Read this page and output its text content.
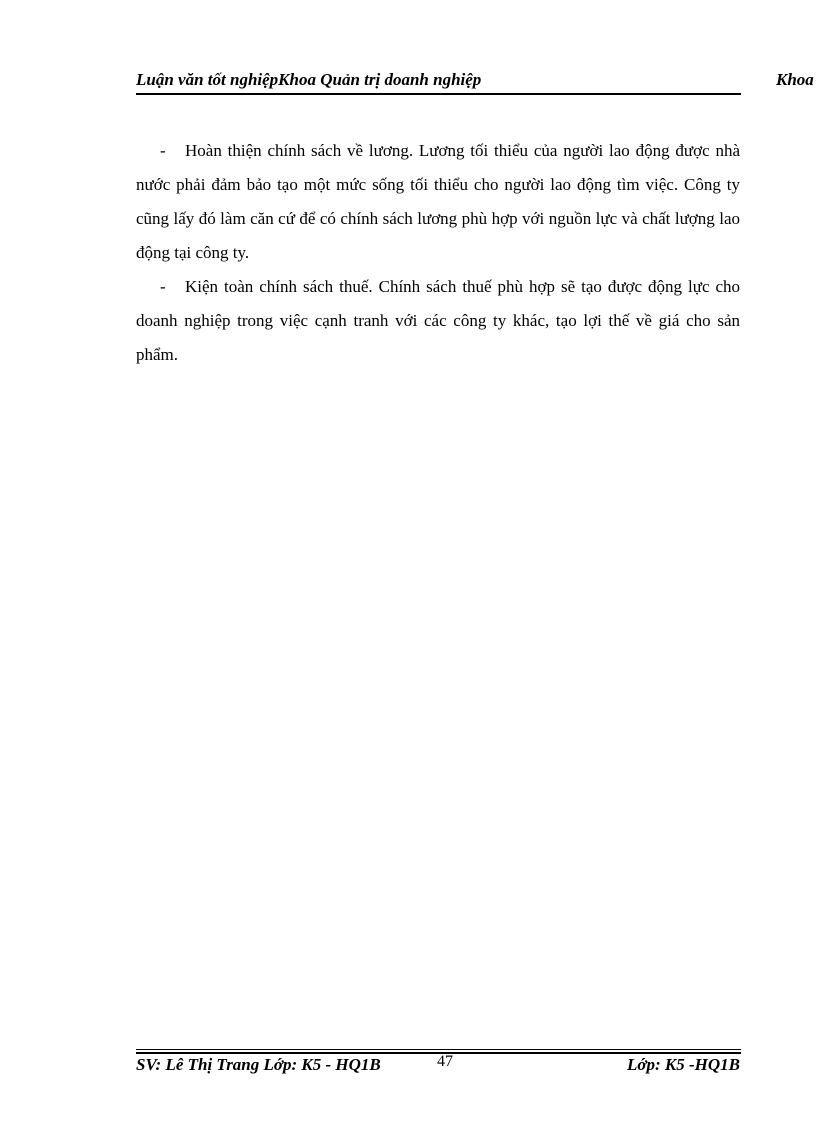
Luận văn tốt nghiệpKhoa Quản trị doanh nghiệp	Khoa

- Hoàn thiện chính sách về lương. Lương tối thiểu của người lao động được nhà nước phải đảm bảo tạo một mức sống tối thiểu cho người lao động tìm việc. Công ty cũng lấy đó làm căn cứ để có chính sách lương phù hợp với nguồn lực và chất lượng lao động tại công ty.

- Kiện toàn chính sách thuế. Chính sách thuế phù hợp sẽ tạo được động lực cho doanh nghiệp trong việc cạnh tranh với các công ty khác, tạo lợi thế về giá cho sản phẩm.

SV: Lê Thị Trang Lớp: K5 - HQ1B	47	Lớp: K5 -HQ1B
